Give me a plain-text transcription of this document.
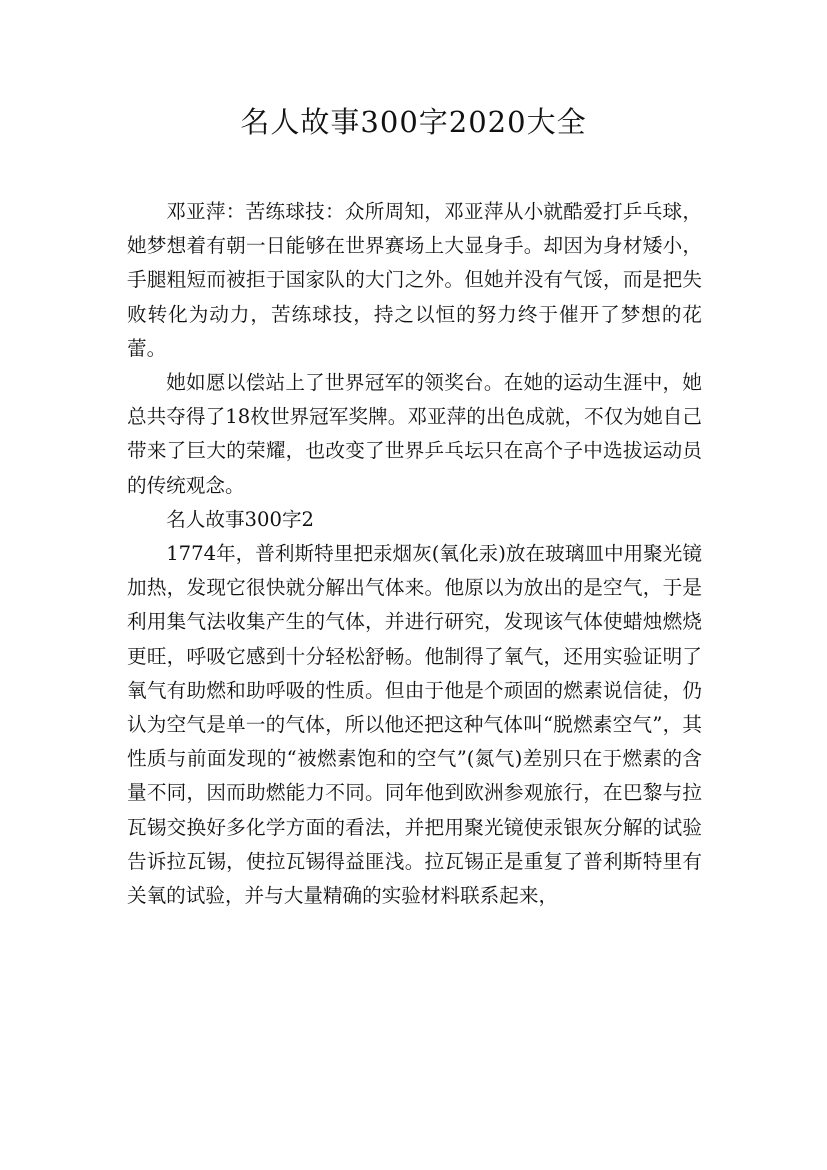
名人故事300字2020大全

邓亚萍：苦练球技：众所周知，邓亚萍从小就酷爱打乒乓球，她梦想着有朝一日能够在世界赛场上大显身手。却因为身材矮小，手腿粗短而被拒于国家队的大门之外。但她并没有气馁，而是把失败转化为动力，苦练球技，持之以恒的努力终于催开了梦想的花蕾。

她如愿以偿站上了世界冠军的领奖台。在她的运动生涯中，她总共夺得了18枚世界冠军奖牌。邓亚萍的出色成就，不仅为她自己带来了巨大的荣耀，也改变了世界乒乓坛只在高个子中选拔运动员的传统观念。

名人故事300字2

1774年，普利斯特里把汞烟灰(氧化汞)放在玻璃皿中用聚光镜加热，发现它很快就分解出气体来。他原以为放出的是空气，于是利用集气法收集产生的气体，并进行研究，发现该气体使蜡烛燃烧更旺，呼吸它感到十分轻松舒畅。他制得了氧气，还用实验证明了氧气有助燃和助呼吸的性质。但由于他是个顽固的燃素说信徒，仍认为空气是单一的气体，所以他还把这种气体叫“脱燃素空气”，其性质与前面发现的“被燃素饱和的空气”(氮气)差别只在于燃素的含量不同，因而助燃能力不同。同年他到欧洲参观旅行，在巴黎与拉瓦锡交换好多化学方面的看法，并把用聚光镜使汞银灰分解的试验告诉拉瓦锡，使拉瓦锡得益匪浅。拉瓦锡正是重复了普利斯特里有关氧的试验，并与大量精确的实验材料联系起来，
